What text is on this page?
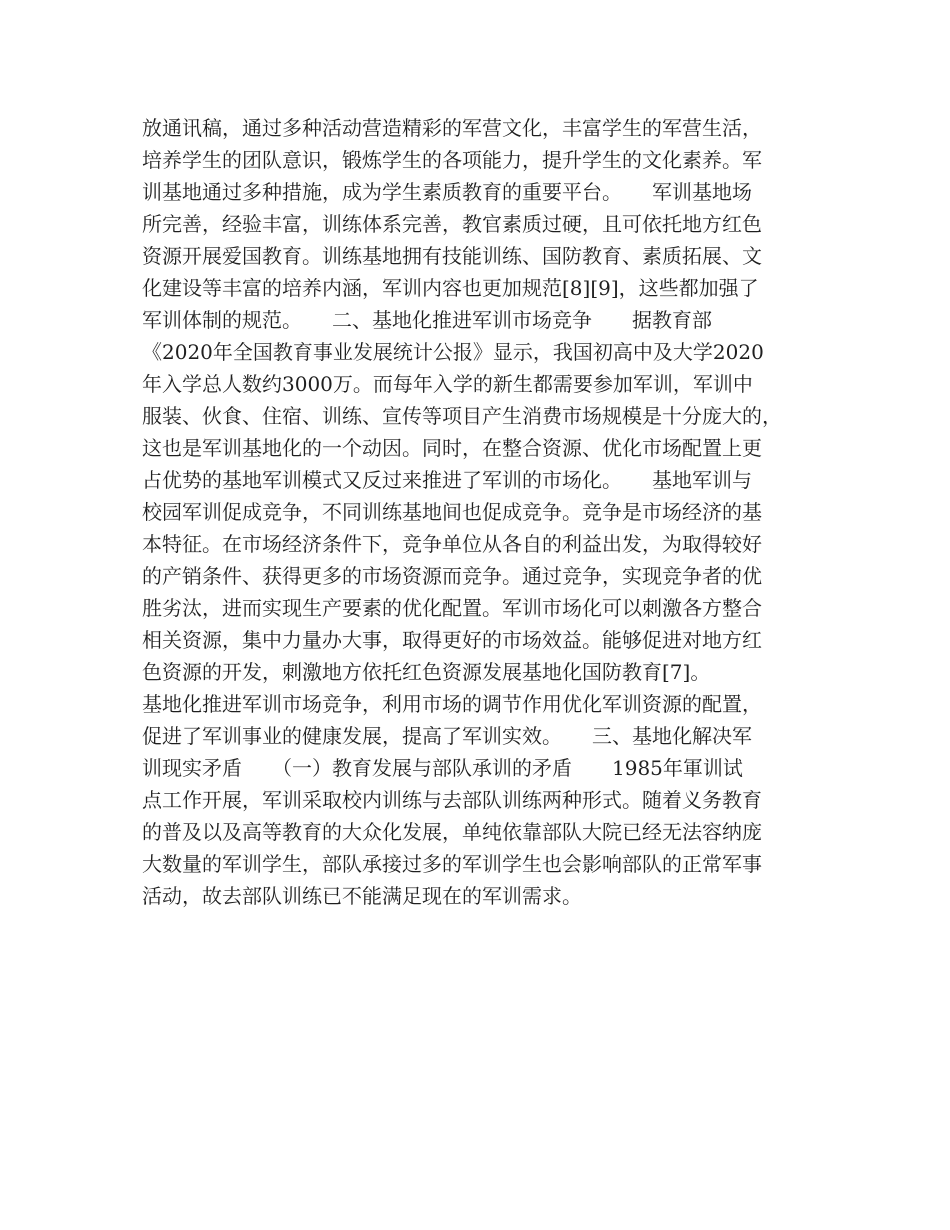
放通讯稿，通过多种活动营造精彩的军营文化，丰富学生的军营生活，
培养学生的团队意识，锻炼学生的各项能力，提升学生的文化素养。军
训基地通过多种措施，成为学生素质教育的重要平台。　　军训基地场
所完善，经验丰富，训练体系完善，教官素质过硬，且可依托地方红色
资源开展爱国教育。训练基地拥有技能训练、国防教育、素质拓展、文
化建设等丰富的培养内涵，军训内容也更加规范[8][9]，这些都加强了
军训体制的规范。　　二、基地化推进军训市场竞争　　据教育部
《2020年全国教育事业发展统计公报》显示，我国初高中及大学2020
年入学总人数约3000万。而每年入学的新生都需要参加军训，军训中
服装、伙食、住宿、训练、宣传等项目产生消费市场规模是十分庞大的，
这也是军训基地化的一个动因。同时，在整合资源、优化市场配置上更
占优势的基地军训模式又反过来推进了军训的市场化。　　基地军训与
校园军训促成竞争，不同训练基地间也促成竞争。竞争是市场经济的基
本特征。在市场经济条件下，竞争单位从各自的利益出发，为取得较好
的产销条件、获得更多的市场资源而竞争。通过竞争，实现竞争者的优
胜劣汰，进而实现生产要素的优化配置。军训市场化可以刺激各方整合
相关资源，集中力量办大事，取得更好的市场效益。能够促进对地方红
色资源的开发，刺激地方依托红色资源发展基地化国防教育[7]。
基地化推进军训市场竞争，利用市场的调节作用优化军训资源的配置，
促进了军训事业的健康发展，提高了军训实效。　　三、基地化解决军
训现实矛盾　　（一）教育发展与部队承训的矛盾　　1985年軍训试
点工作开展，军训采取校内训练与去部队训练两种形式。随着义务教育
的普及以及高等教育的大众化发展，单纯依靠部队大院已经无法容纳庞
大数量的军训学生，部队承接过多的军训学生也会影响部队的正常军事
活动，故去部队训练已不能满足现在的军训需求。
